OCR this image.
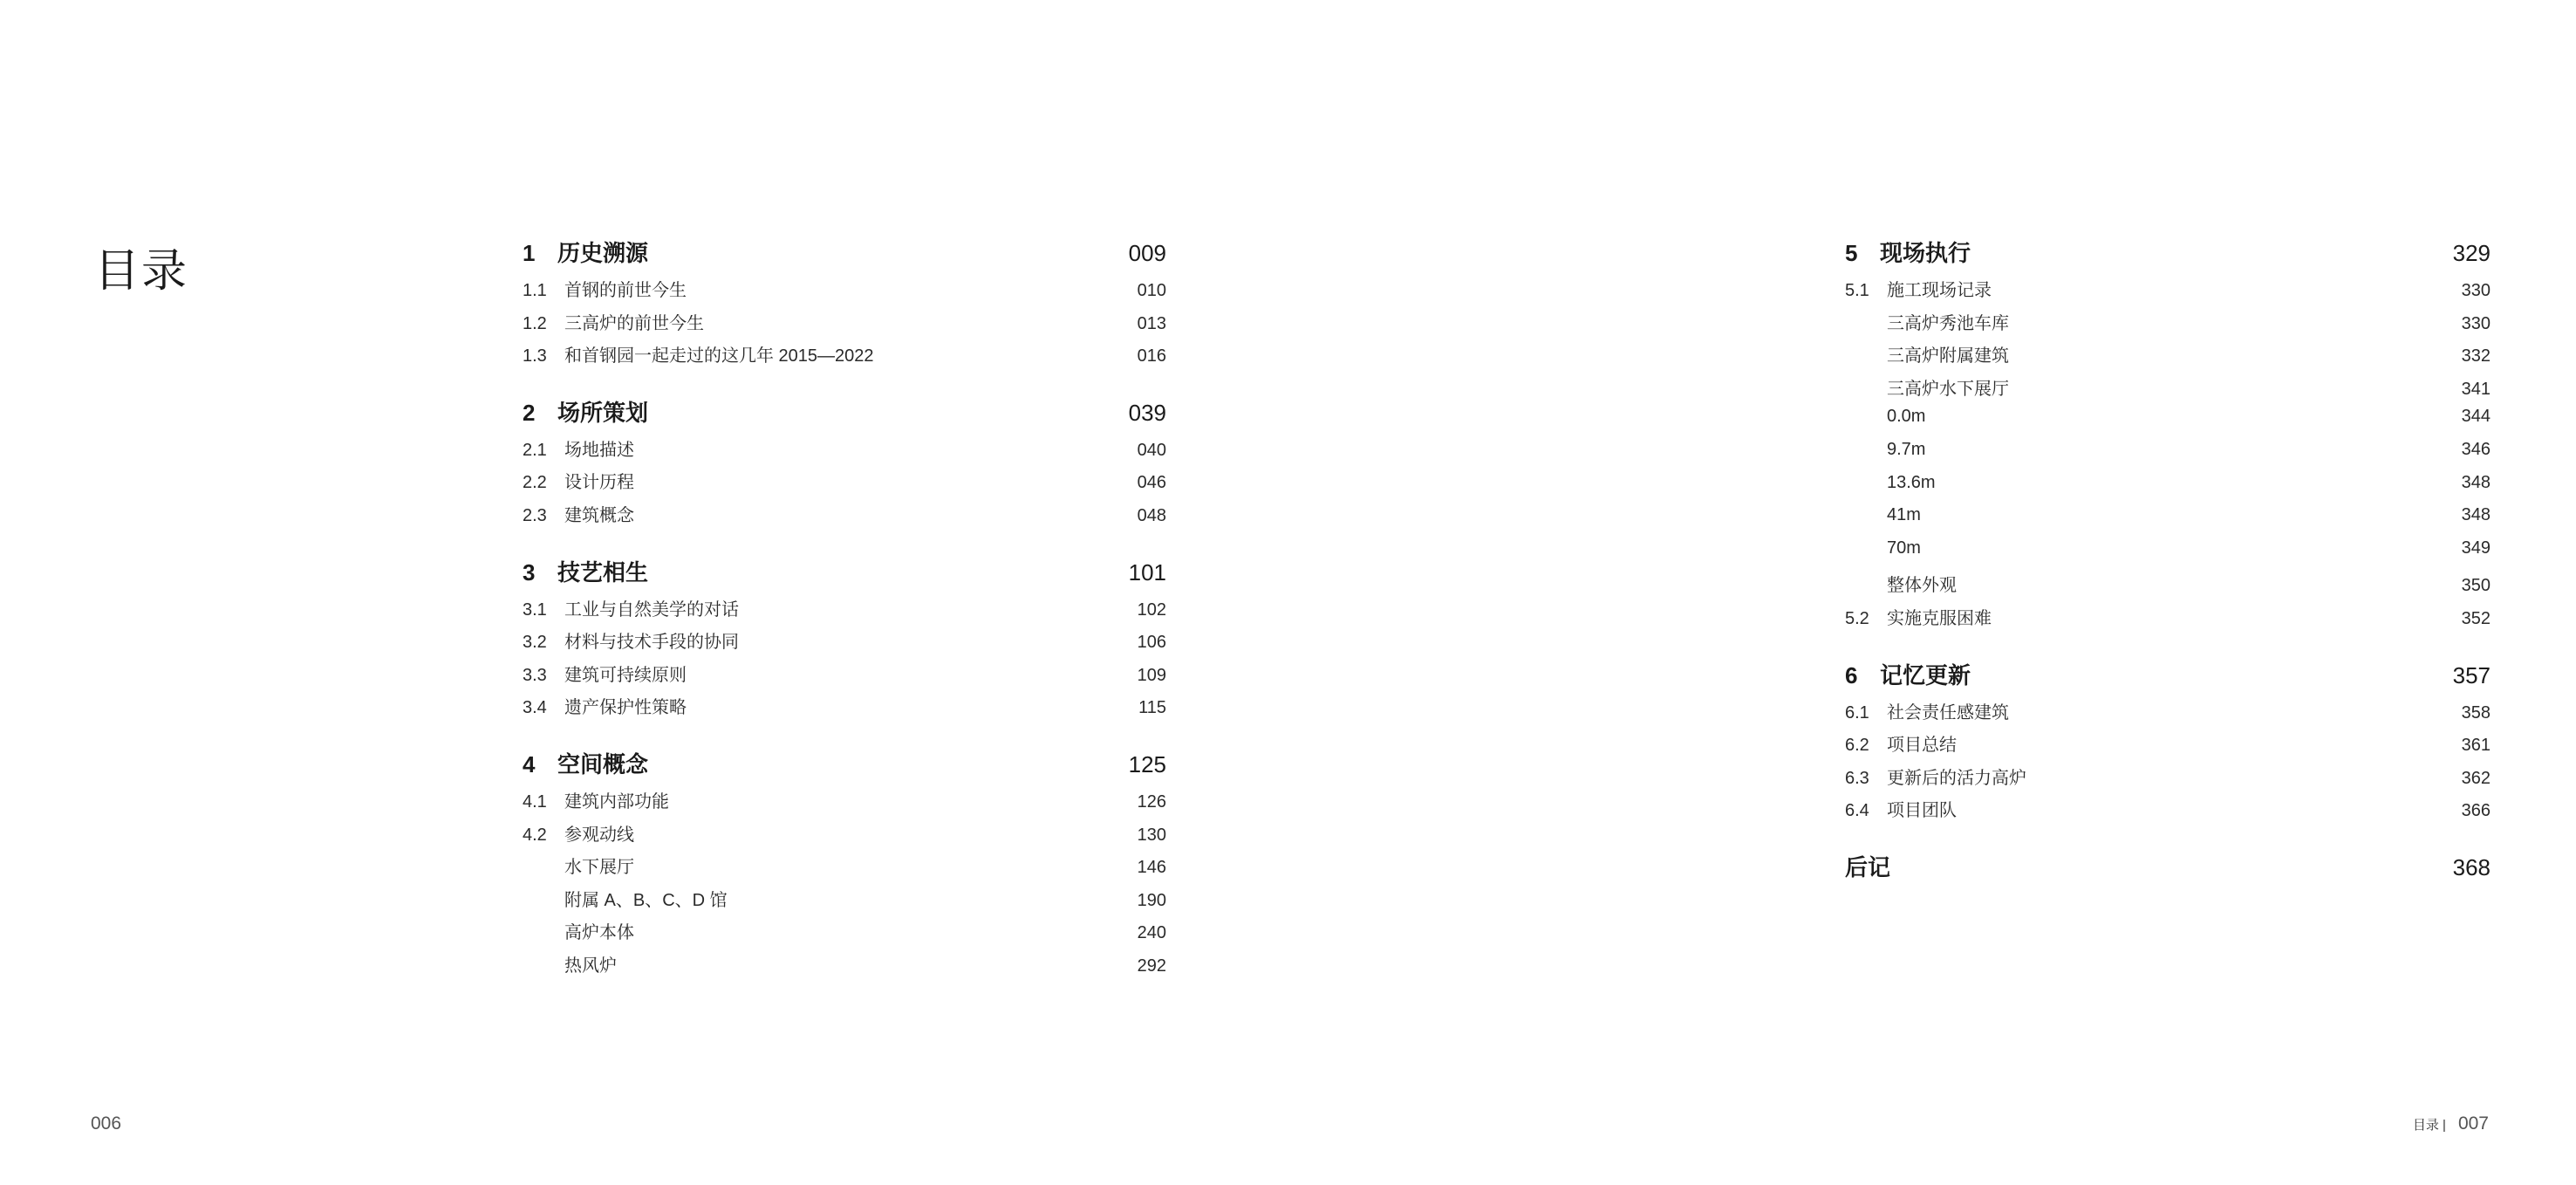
目录	1 历史溯源	009
1.1	首钢的前世今生	010
1.2	三高炉的前世今生	013
1.3	和首钢园一起走过的这几年 2015—2022	016
2 场所策划	039
2.1	场地描述	040
2.2	设计历程	046
2.3	建筑概念	048
3 技艺相生	101
3.1	工业与自然美学的对话	102
3.2	材料与技术手段的协同	106
3.3	建筑可持续原则	109
3.4	遗产保护性策略	115
4 空间概念	125
4.1	建筑内部功能	126
4.2	参观动线	130
水下展厅	146
附属 A、B、C、D 馆	190
高炉本体	240
热风炉	292
5 现场执行	329
5.1	施工现场记录	330
三高炉秀池车库	330
三高炉附属建筑	332
三高炉水下展厅	341
0.0m	344
9.7m	346
13.6m	348
41m	348
70m	349
整体外观	350
5.2	实施克服困难	352
6 记忆更新	357
6.1	社会责任感建筑	358
6.2	项目总结	361
6.3	更新后的活力高炉	362
6.4	项目团队	366
后记	368
006	目录 | 007
